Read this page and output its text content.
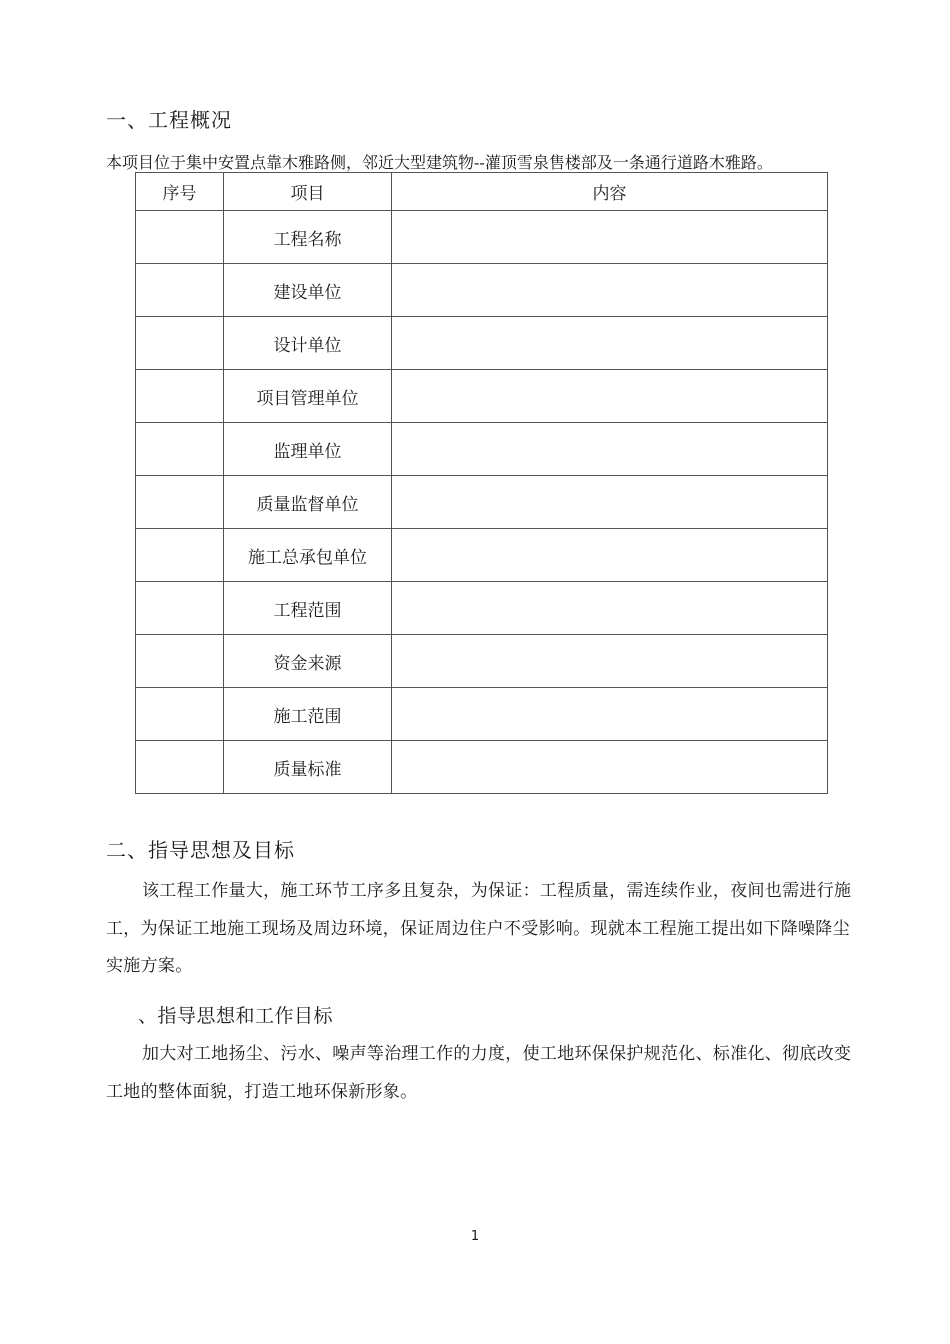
一、工程概况
本项目位于集中安置点靠木雅路侧，邻近大型建筑物--灌顶雪泉售楼部及一条通行道路木雅路。
序号	项目	内容
	工程名称	
	建设单位	
	设计单位	
	项目管理单位	
	监理单位	
	质量监督单位	
	施工总承包单位	
	工程范围	
	资金来源	
	施工范围	
	质量标准	
二、指导思想及目标
该工程工作量大，施工环节工序多且复杂，为保证：工程质量，需连续作业，夜间也需进行施工，为保证工地施工现场及周边环境，保证周边住户不受影响。现就本工程施工提出如下降噪降尘实施方案。
、指导思想和工作目标
加大对工地扬尘、污水、噪声等治理工作的力度，使工地环保保护规范化、标准化、彻底改变工地的整体面貌，打造工地环保新形象。
1
